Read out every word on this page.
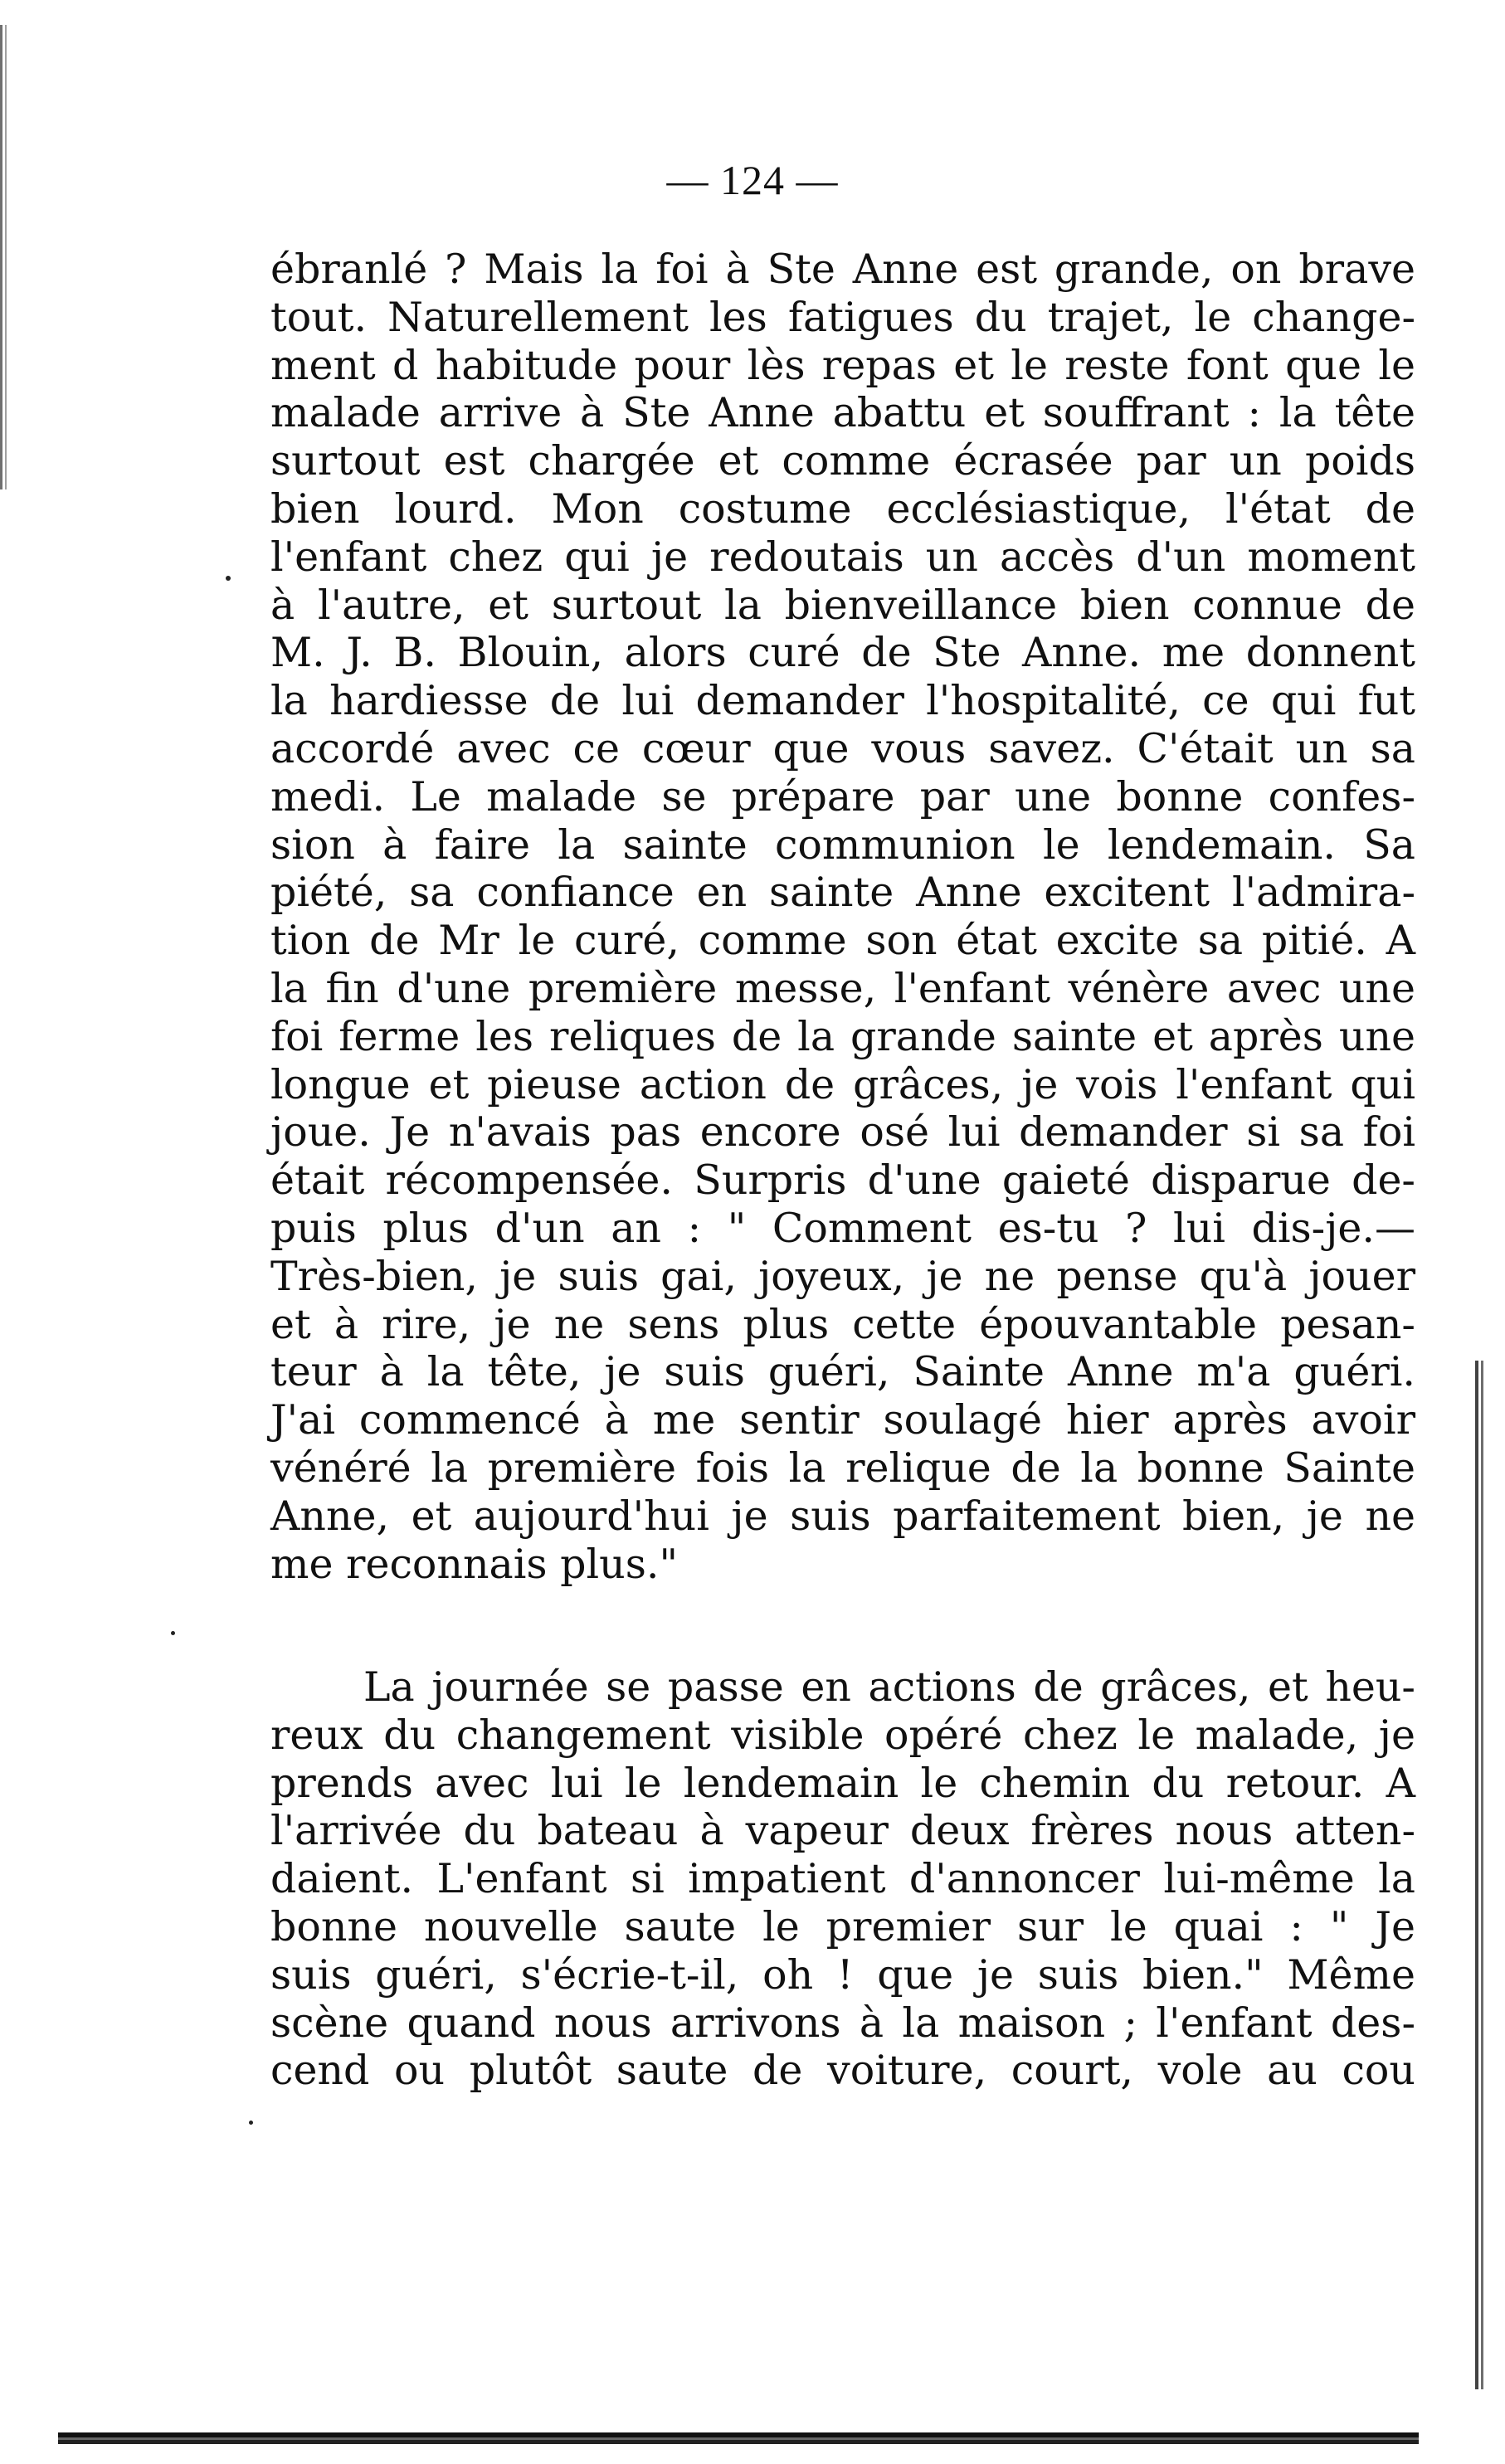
— 124 —
ébranlé ? Mais la foi à Ste Anne est grande, on brave
tout. Naturellement les fatigues du trajet, le change-
ment d habitude pour lès repas et le reste font que le
malade arrive à Ste Anne abattu et souffrant : la tête
surtout est chargée et comme écrasée par un poids
bien lourd. Mon costume ecclésiastique, l'état de
l'enfant chez qui je redoutais un accès d'un moment
à l'autre, et surtout la bienveillance bien connue de
M. J. B. Blouin, alors curé de Ste Anne. me donnent
la hardiesse de lui demander l'hospitalité, ce qui fut
accordé avec ce cœur que vous savez. C'était un sa
medi. Le malade se prépare par une bonne confes-
sion à faire la sainte communion le lendemain. Sa
piété, sa confiance en sainte Anne excitent l'admira-
tion de Mr le curé, comme son état excite sa pitié. A
la fin d'une première messe, l'enfant vénère avec une
foi ferme les reliques de la grande sainte et après une
longue et pieuse action de grâces, je vois l'enfant qui
joue. Je n'avais pas encore osé lui demander si sa foi
était récompensée. Surpris d'une gaieté disparue de-
puis plus d'un an : " Comment es-tu ? lui dis-je.—
Très-bien, je suis gai, joyeux, je ne pense qu'à jouer
et à rire, je ne sens plus cette épouvantable pesan-
teur à la tête, je suis guéri, Sainte Anne m'a guéri.
J'ai commencé à me sentir soulagé hier après avoir
vénéré la première fois la relique de la bonne Sainte
Anne, et aujourd'hui je suis parfaitement bien, je ne
me reconnais plus."
La journée se passe en actions de grâces, et heu-
reux du changement visible opéré chez le malade, je
prends avec lui le lendemain le chemin du retour. A
l'arrivée du bateau à vapeur deux frères nous atten-
daient. L'enfant si impatient d'annoncer lui-même la
bonne nouvelle saute le premier sur le quai : " Je
suis guéri, s'écrie-t-il, oh ! que je suis bien." Même
scène quand nous arrivons à la maison ; l'enfant des-
cend ou plutôt saute de voiture, court, vole au cou
